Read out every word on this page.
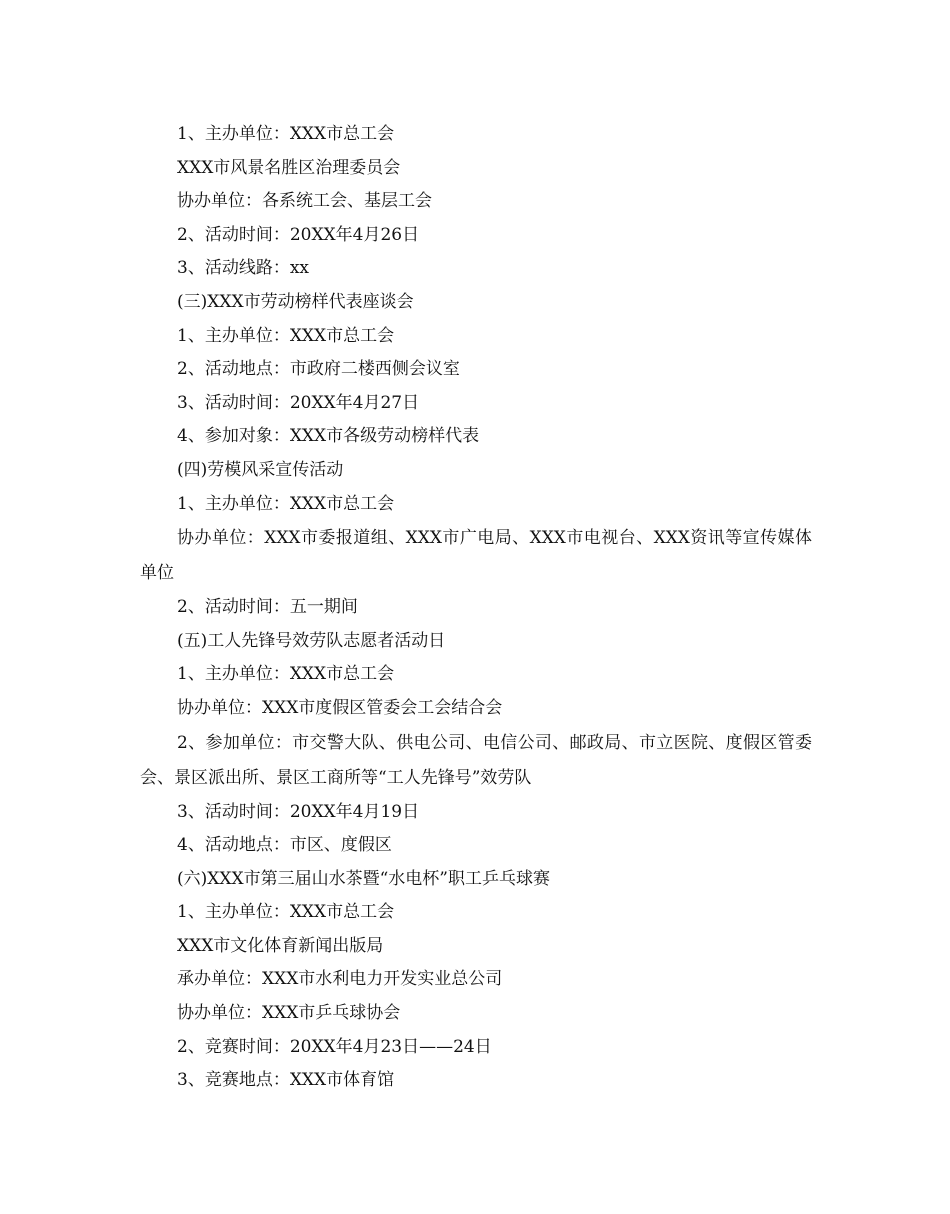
1、主办单位：XXX市总工会
XXX市风景名胜区治理委员会
协办单位：各系统工会、基层工会
2、活动时间：20XX年4月26日
3、活动线路：xx
(三)XXX市劳动榜样代表座谈会
1、主办单位：XXX市总工会
2、活动地点：市政府二楼西侧会议室
3、活动时间：20XX年4月27日
4、参加对象：XXX市各级劳动榜样代表
(四)劳模风采宣传活动
1、主办单位：XXX市总工会
协办单位：XXX市委报道组、XXX市广电局、XXX市电视台、XXX资讯等宣传媒体单位
2、活动时间：五一期间
(五)工人先锋号效劳队志愿者活动日
1、主办单位：XXX市总工会
协办单位：XXX市度假区管委会工会结合会
2、参加单位：市交警大队、供电公司、电信公司、邮政局、市立医院、度假区管委会、景区派出所、景区工商所等“工人先锋号”效劳队
3、活动时间：20XX年4月19日
4、活动地点：市区、度假区
(六)XXX市第三届山水茶暨“水电杯”职工乒乓球赛
1、主办单位：XXX市总工会
XXX市文化体育新闻出版局
承办单位：XXX市水利电力开发实业总公司
协办单位：XXX市乒乓球协会
2、竞赛时间：20XX年4月23日——24日
3、竞赛地点：XXX市体育馆
